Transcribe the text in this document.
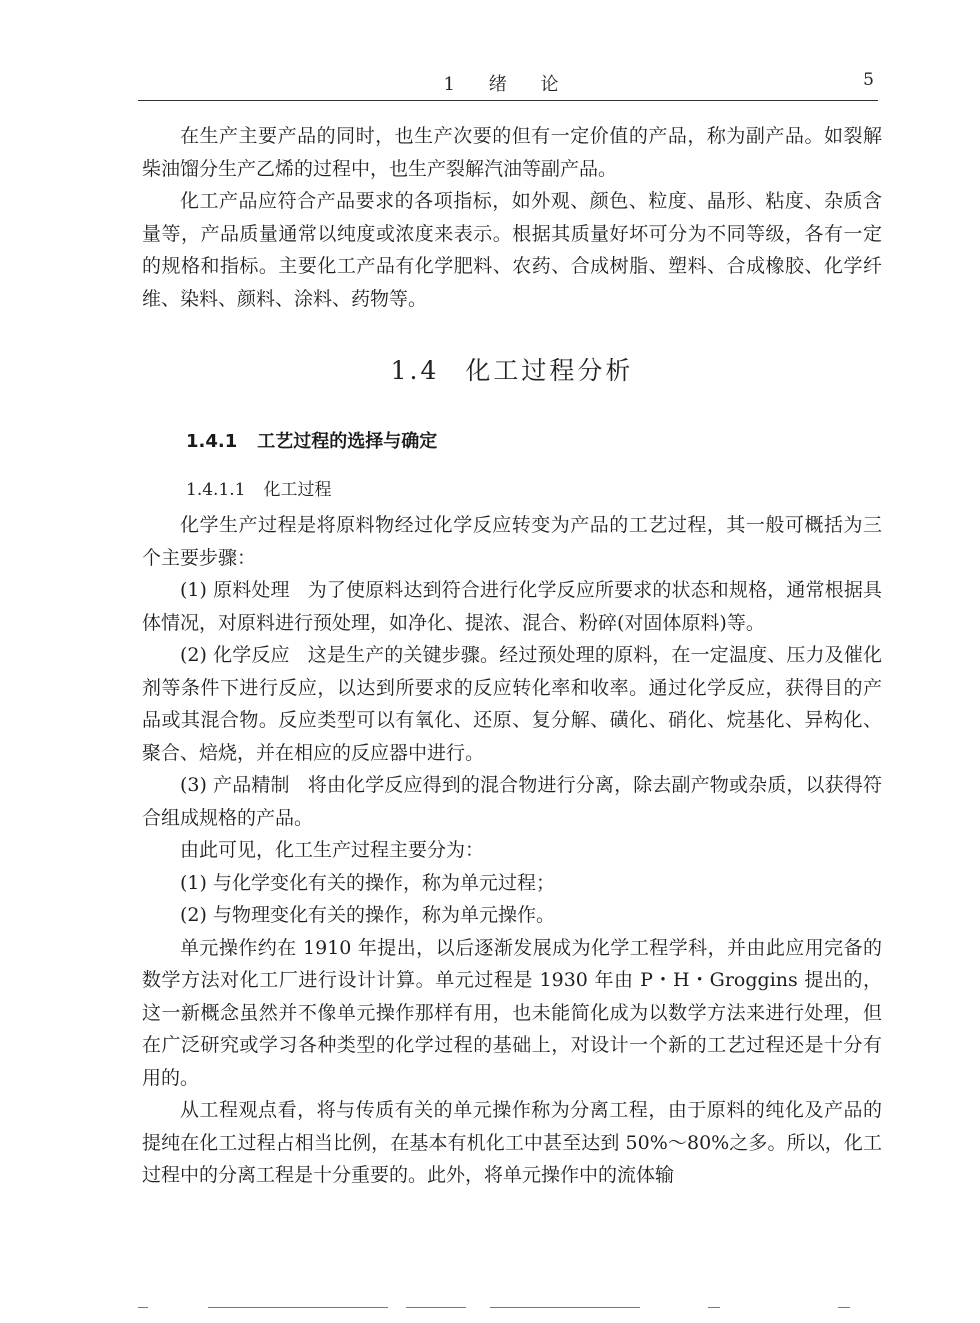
1 绪 论	5

在生产主要产品的同时，也生产次要的但有一定价值的产品，称为副产品。如裂解柴油馏分生产乙烯的过程中，也生产裂解汽油等副产品。

化工产品应符合产品要求的各项指标，如外观、颜色、粒度、晶形、粘度、杂质含量等，产品质量通常以纯度或浓度来表示。根据其质量好坏可分为不同等级，各有一定的规格和指标。主要化工产品有化学肥料、农药、合成树脂、塑料、合成橡胶、化学纤维、染料、颜料、涂料、药物等。

1.4 化工过程分析
1.4.1 工艺过程的选择与确定
1.4.1.1 化工过程

化学生产过程是将原料物经过化学反应转变为产品的工艺过程，其一般可概括为三个主要步骤：

(1) 原料处理 为了使原料达到符合进行化学反应所要求的状态和规格，通常根据具体情况，对原料进行预处理，如净化、提浓、混合、粉碎(对固体原料)等。

(2) 化学反应 这是生产的关键步骤。经过预处理的原料，在一定温度、压力及催化剂等条件下进行反应，以达到所要求的反应转化率和收率。通过化学反应，获得目的产品或其混合物。反应类型可以有氧化、还原、复分解、磺化、硝化、烷基化、异构化、聚合、焙烧，并在相应的反应器中进行。

(3) 产品精制 将由化学反应得到的混合物进行分离，除去副产物或杂质，以获得符合组成规格的产品。

由此可见，化工生产过程主要分为：

(1) 与化学变化有关的操作，称为单元过程；

(2) 与物理变化有关的操作，称为单元操作。

单元操作约在 1910 年提出，以后逐渐发展成为化学工程学科，并由此应用完备的数学方法对化工厂进行设计计算。单元过程是 1930 年由 P・H・Groggins 提出的，这一新概念虽然并不像单元操作那样有用，也未能简化成为以数学方法来进行处理，但在广泛研究或学习各种类型的化学过程的基础上，对设计一个新的工艺过程还是十分有用的。

从工程观点看，将与传质有关的单元操作称为分离工程，由于原料的纯化及产品的提纯在化工过程占相当比例，在基本有机化工中甚至达到 50%～80%之多。所以，化工过程中的分离工程是十分重要的。此外，将单元操作中的流体输
